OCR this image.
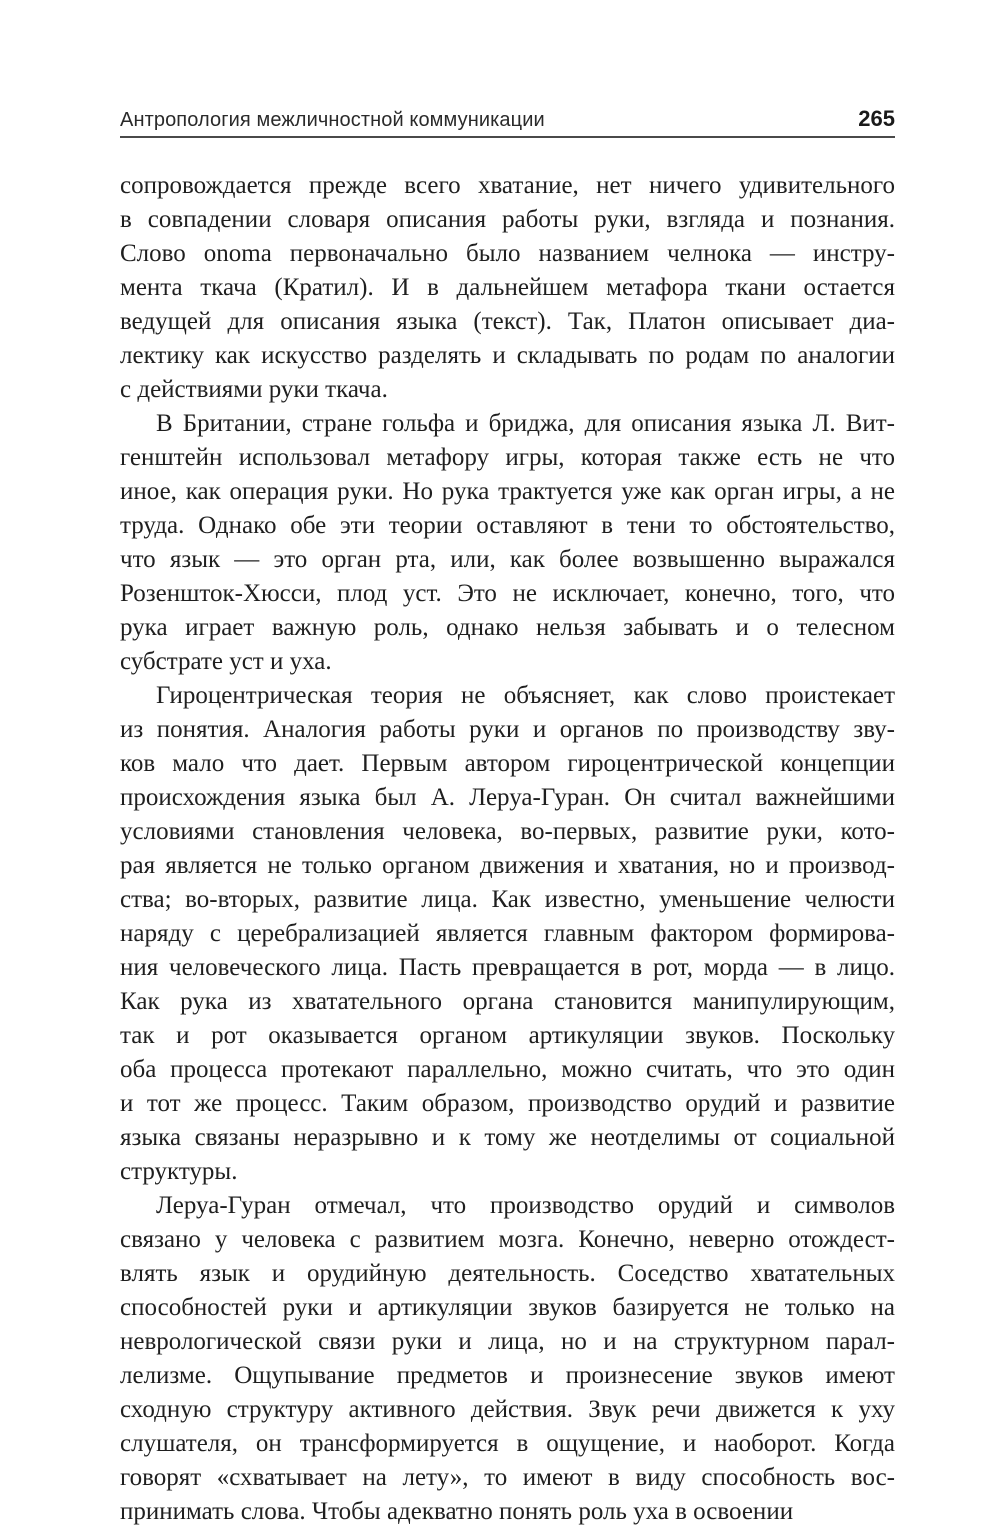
Антропология межличностной коммуникации	265
сопровождается прежде всего хватание, нет ничего удивительного
в совпадении словаря описания работы руки, взгляда и познания.
Слово onoma первоначально было названием челнока — инстру-
мента ткача (Кратил). И в дальнейшем метафора ткани остается
ведущей для описания языка (текст). Так, Платон описывает диа-
лектику как искусство разделять и складывать по родам по аналогии
с действиями руки ткача.
В Британии, стране гольфа и бриджа, для описания языка Л. Вит-
генштейн использовал метафору игры, которая также есть не что
иное, как операция руки. Но рука трактуется уже как орган игры, а не
труда. Однако обе эти теории оставляют в тени то обстоятельство,
что язык — это орган рта, или, как более возвышенно выражался
Розеншток-Хюсси, плод уст. Это не исключает, конечно, того, что
рука играет важную роль, однако нельзя забывать и о телесном
субстрате уст и уха.
Гироцентрическая теория не объясняет, как слово проистекает
из понятия. Аналогия работы руки и органов по производству зву-
ков мало что дает. Первым автором гироцентрической концепции
происхождения языка был А. Леруа-Гуран. Он считал важнейшими
условиями становления человека, во-первых, развитие руки, кото-
рая является не только органом движения и хватания, но и производ-
ства; во-вторых, развитие лица. Как известно, уменьшение челюсти
наряду с церебрализацией является главным фактором формирова-
ния человеческого лица. Пасть превращается в рот, морда — в лицо.
Как рука из хватательного органа становится манипулирующим,
так и рот оказывается органом артикуляции звуков. Поскольку
оба процесса протекают параллельно, можно считать, что это один
и тот же процесс. Таким образом, производство орудий и развитие
языка связаны неразрывно и к тому же неотделимы от социальной
структуры.
Леруа-Гуран отмечал, что производство орудий и символов
связано у человека с развитием мозга. Конечно, неверно отождест-
влять язык и орудийную деятельность. Соседство хватательных
способностей руки и артикуляции звуков базируется не только на
неврологической связи руки и лица, но и на структурном парал-
лелизме. Ощупывание предметов и произнесение звуков имеют
сходную структуру активного действия. Звук речи движется к уху
слушателя, он трансформируется в ощущение, и наоборот. Когда
говорят «схватывает на лету», то имеют в виду способность вос-
принимать слова. Чтобы адекватно понять роль уха в освоении
